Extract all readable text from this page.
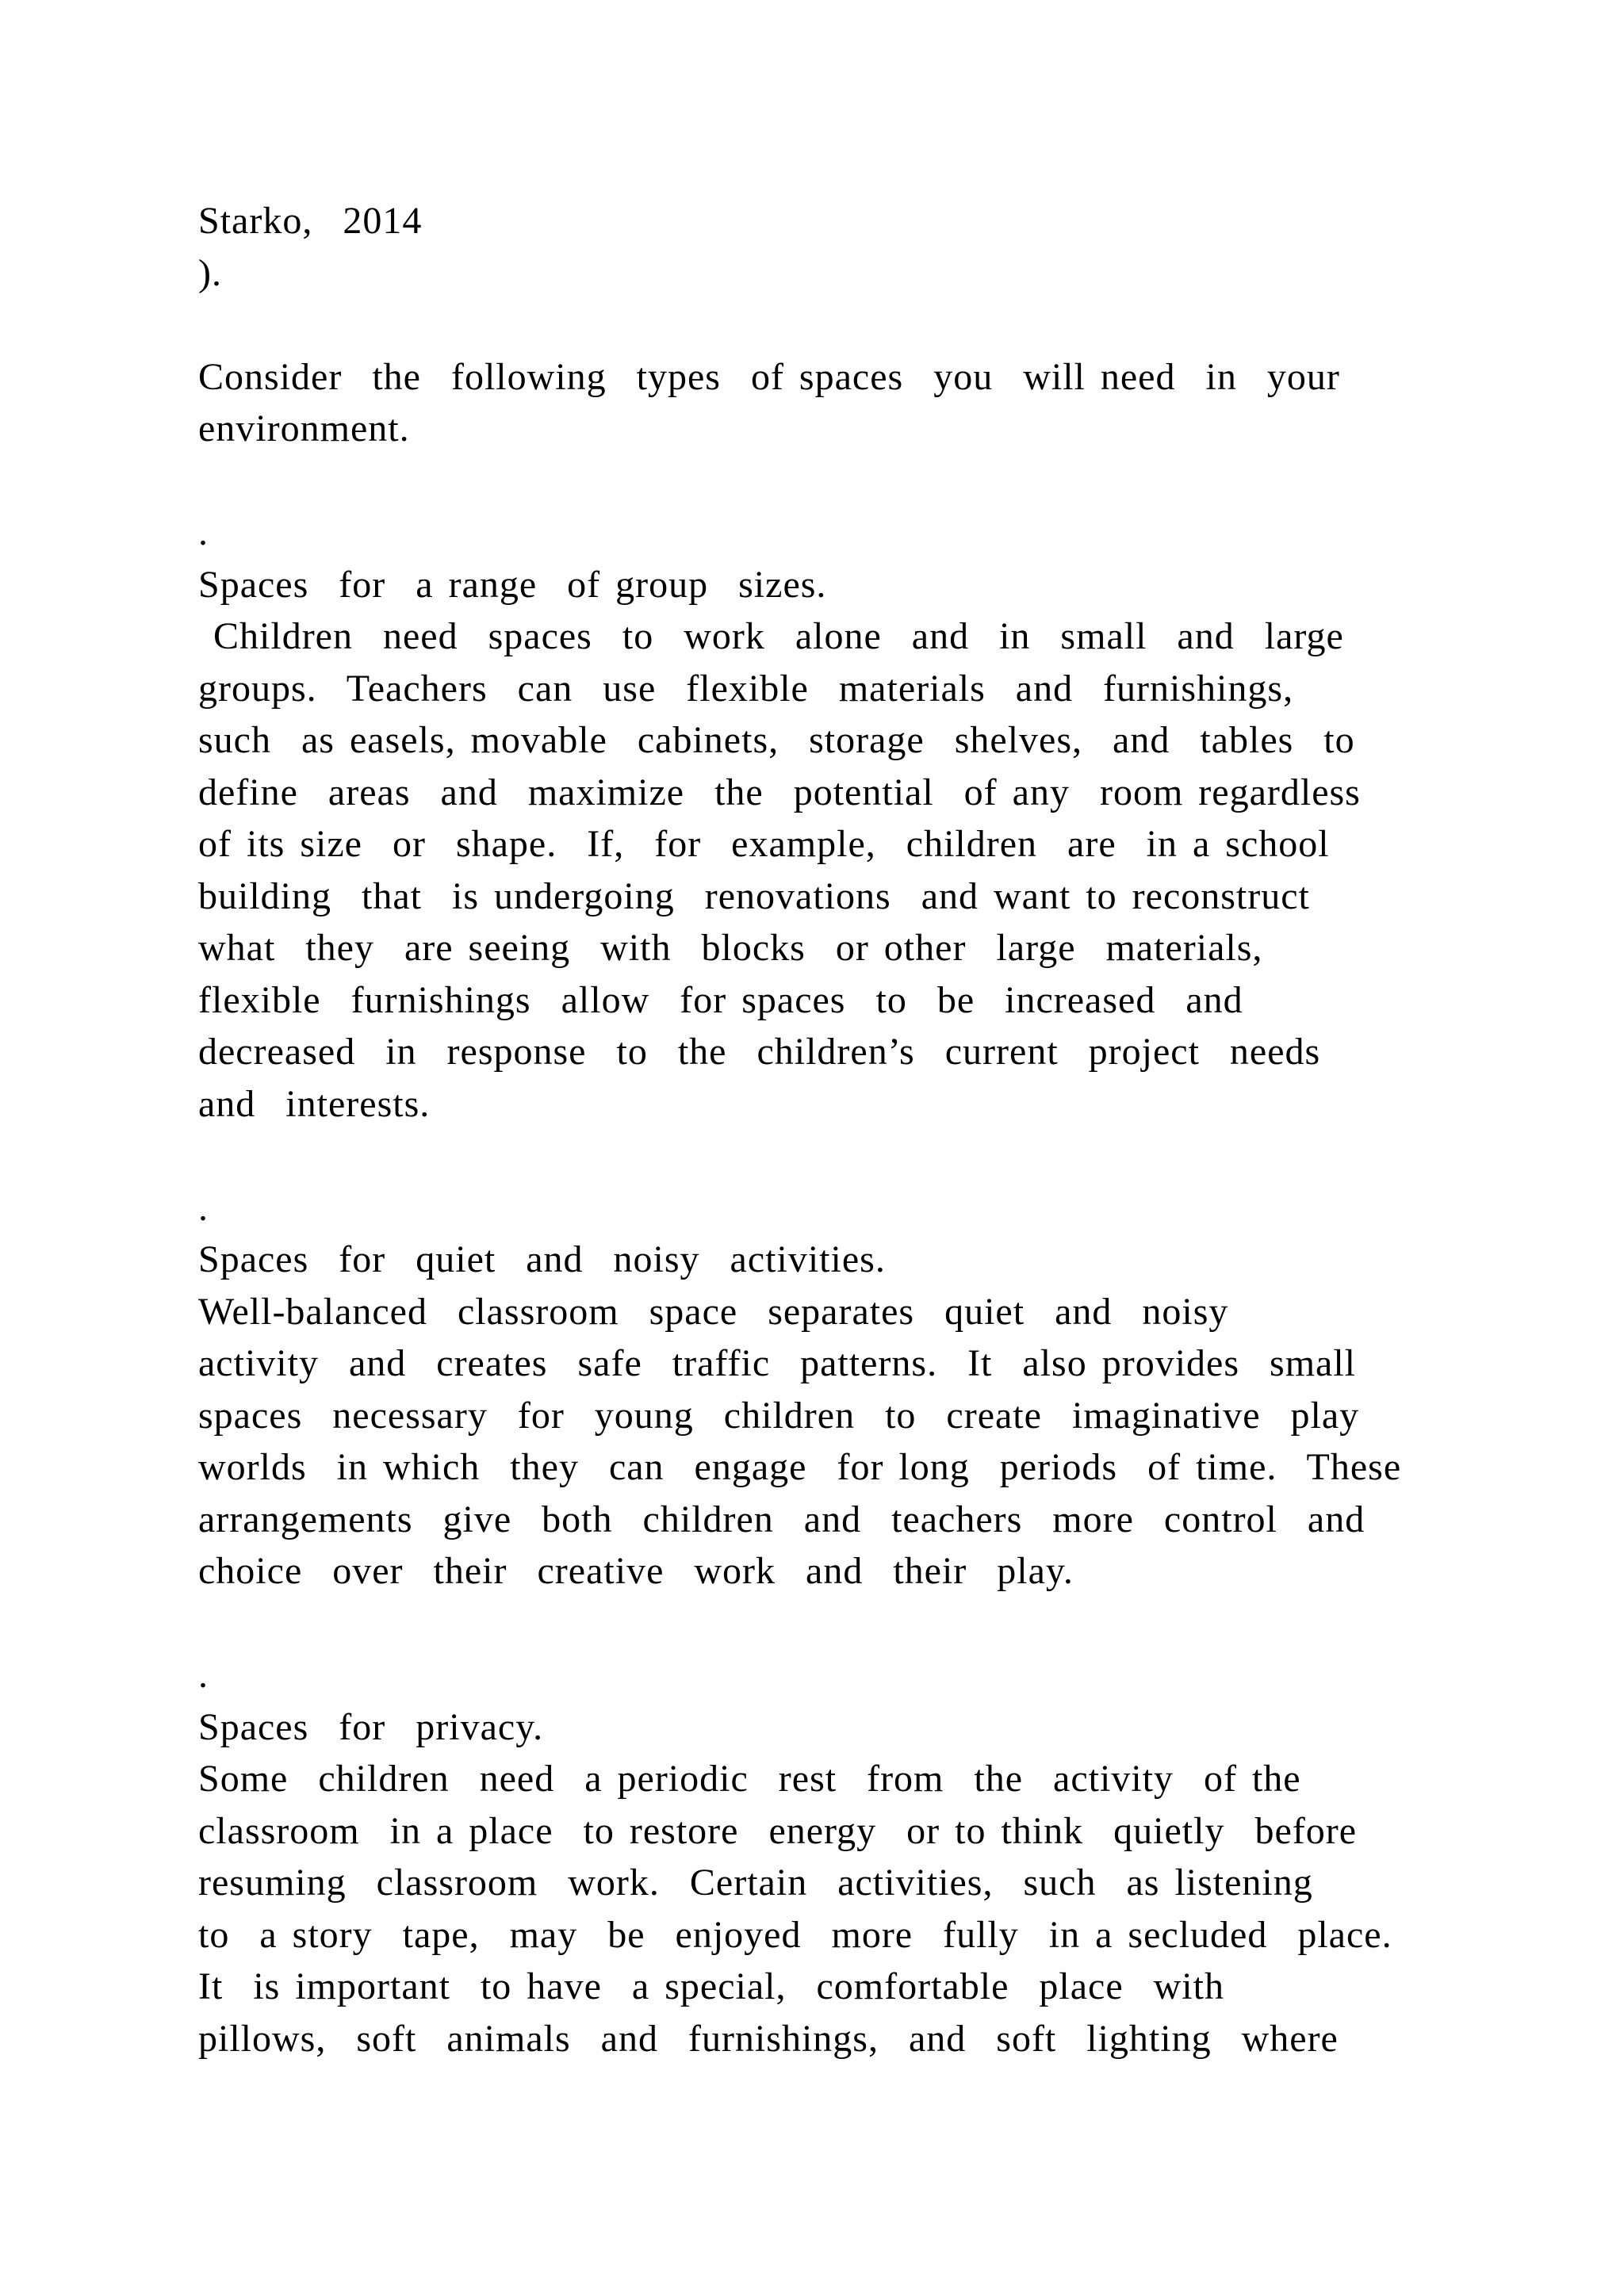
Starko,  2014
).
Consider  the  following  types  of spaces  you  will need  in  your
environment.
.
Spaces  for  a range  of group  sizes.
Children  need  spaces  to  work  alone  and  in  small  and  large
groups.  Teachers  can  use  flexible  materials  and  furnishings,
such  as easels, movable  cabinets,  storage  shelves,  and  tables  to
define  areas  and  maximize  the  potential  of any  room regardless
of its size  or  shape.  If,  for  example,  children  are  in a school
building  that  is undergoing  renovations  and want to reconstruct
what  they  are seeing  with  blocks  or other  large  materials,
flexible  furnishings  allow  for spaces  to  be  increased  and
decreased  in  response  to  the  children’s  current  project  needs
and  interests.
.
Spaces  for  quiet  and  noisy  activities.
Well-balanced  classroom  space  separates  quiet  and  noisy
activity  and  creates  safe  traffic  patterns.  It  also provides  small
spaces  necessary  for  young  children  to  create  imaginative  play
worlds  in which  they  can  engage  for long  periods  of time.  These
arrangements  give  both  children  and  teachers  more  control  and
choice  over  their  creative  work  and  their  play.
.
Spaces  for  privacy.
Some  children  need  a periodic  rest  from  the  activity  of the
classroom  in a place  to restore  energy  or to think  quietly  before
resuming  classroom  work.  Certain  activities,  such  as listening
to  a story  tape,  may  be  enjoyed  more  fully  in a secluded  place.
It  is important  to have  a special,  comfortable  place  with
pillows,  soft  animals  and  furnishings,  and  soft  lighting  where
